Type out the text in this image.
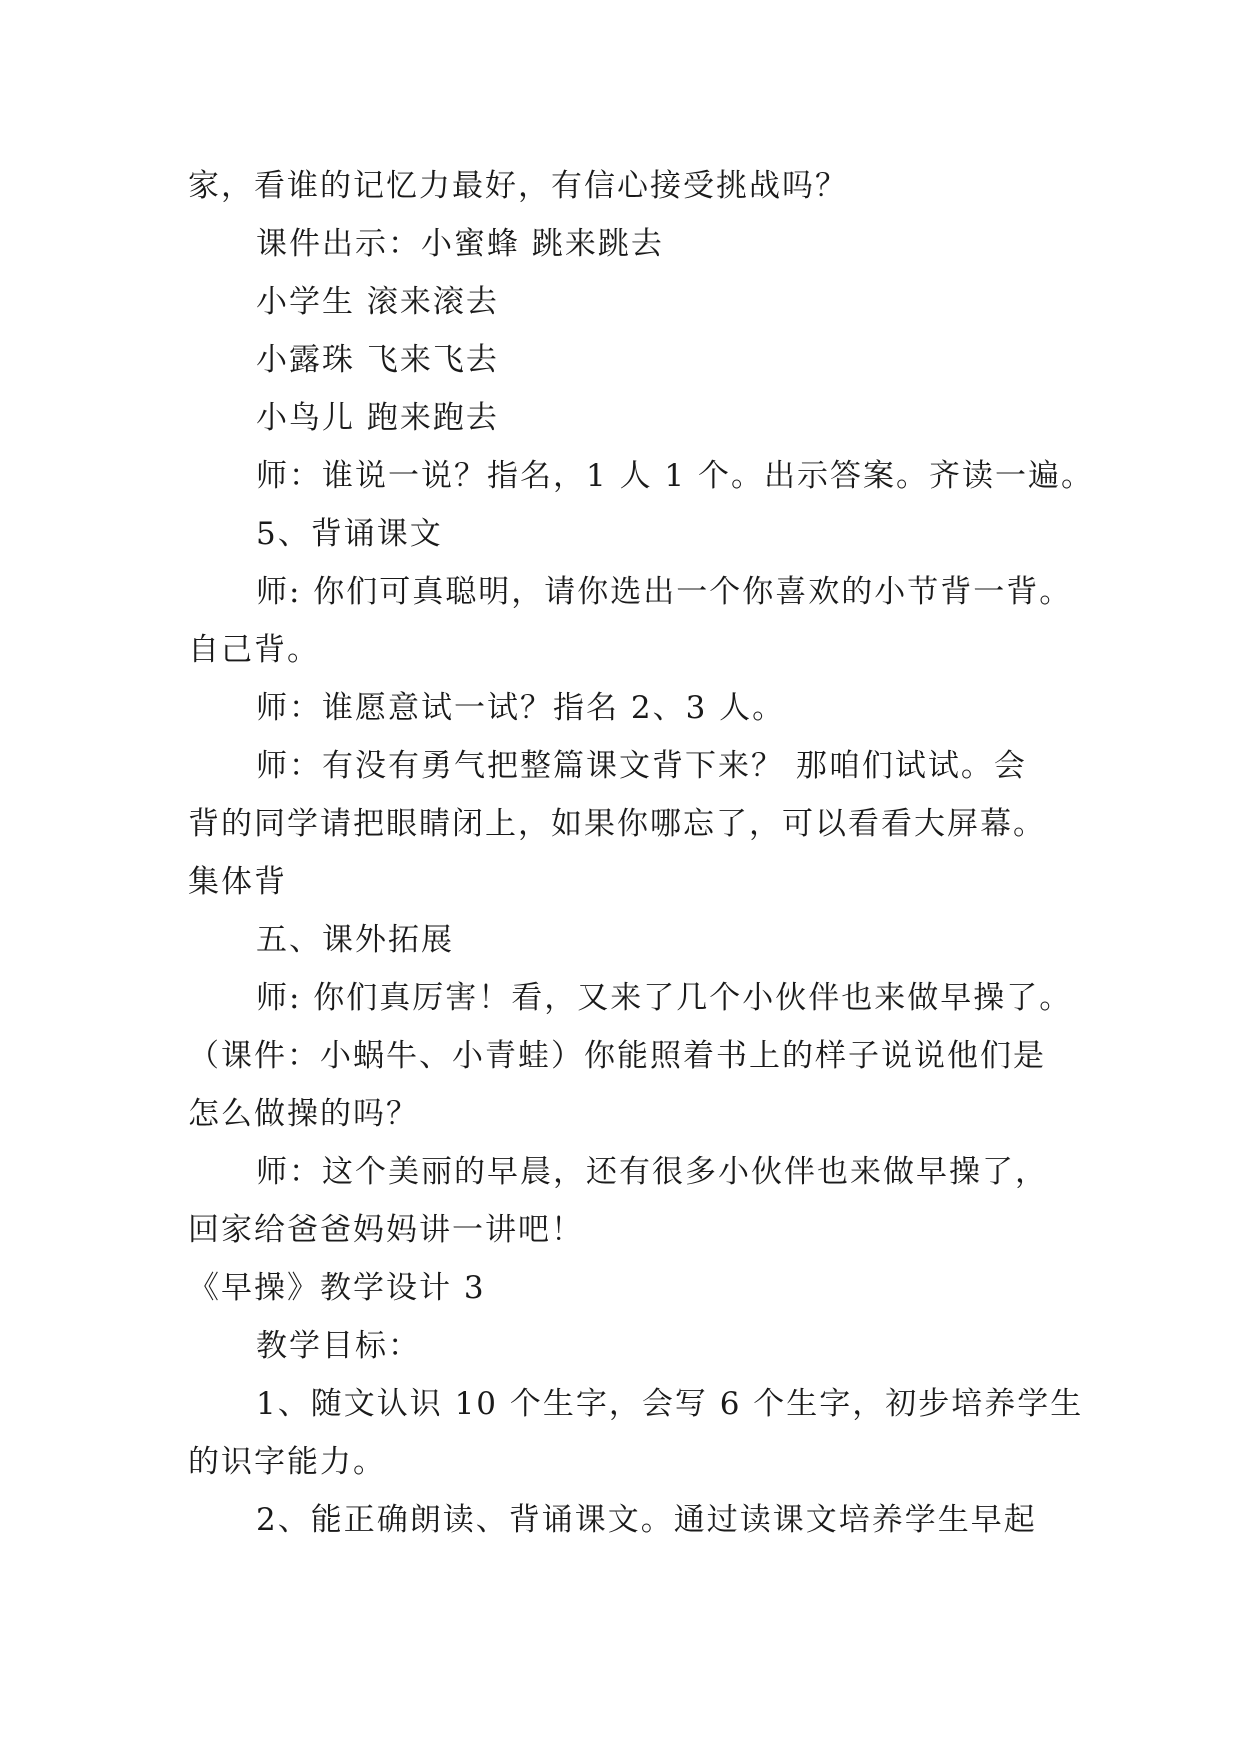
家，看谁的记忆力最好，有信心接受挑战吗？
课件出示：小蜜蜂 跳来跳去
小学生 滚来滚去
小露珠 飞来飞去
小鸟儿 跑来跑去
师：谁说一说？指名，1 人 1 个。出示答案。齐读一遍。
5、背诵课文
师: 你们可真聪明，请你选出一个你喜欢的小节背一背。
自己背。
师：谁愿意试一试？指名 2、3 人。
师：有没有勇气把整篇课文背下来？ 那咱们试试。会
背的同学请把眼睛闭上，如果你哪忘了，可以看看大屏幕。
集体背
五、课外拓展
师: 你们真厉害！看，又来了几个小伙伴也来做早操了。
（课件：小蜗牛、小青蛙）你能照着书上的样子说说他们是
怎么做操的吗？
师：这个美丽的早晨，还有很多小伙伴也来做早操了，
回家给爸爸妈妈讲一讲吧！
《早操》教学设计 3
教学目标：
1、随文认识 10 个生字，会写 6 个生字，初步培养学生
的识字能力。
2、能正确朗读、背诵课文。通过读课文培养学生早起
